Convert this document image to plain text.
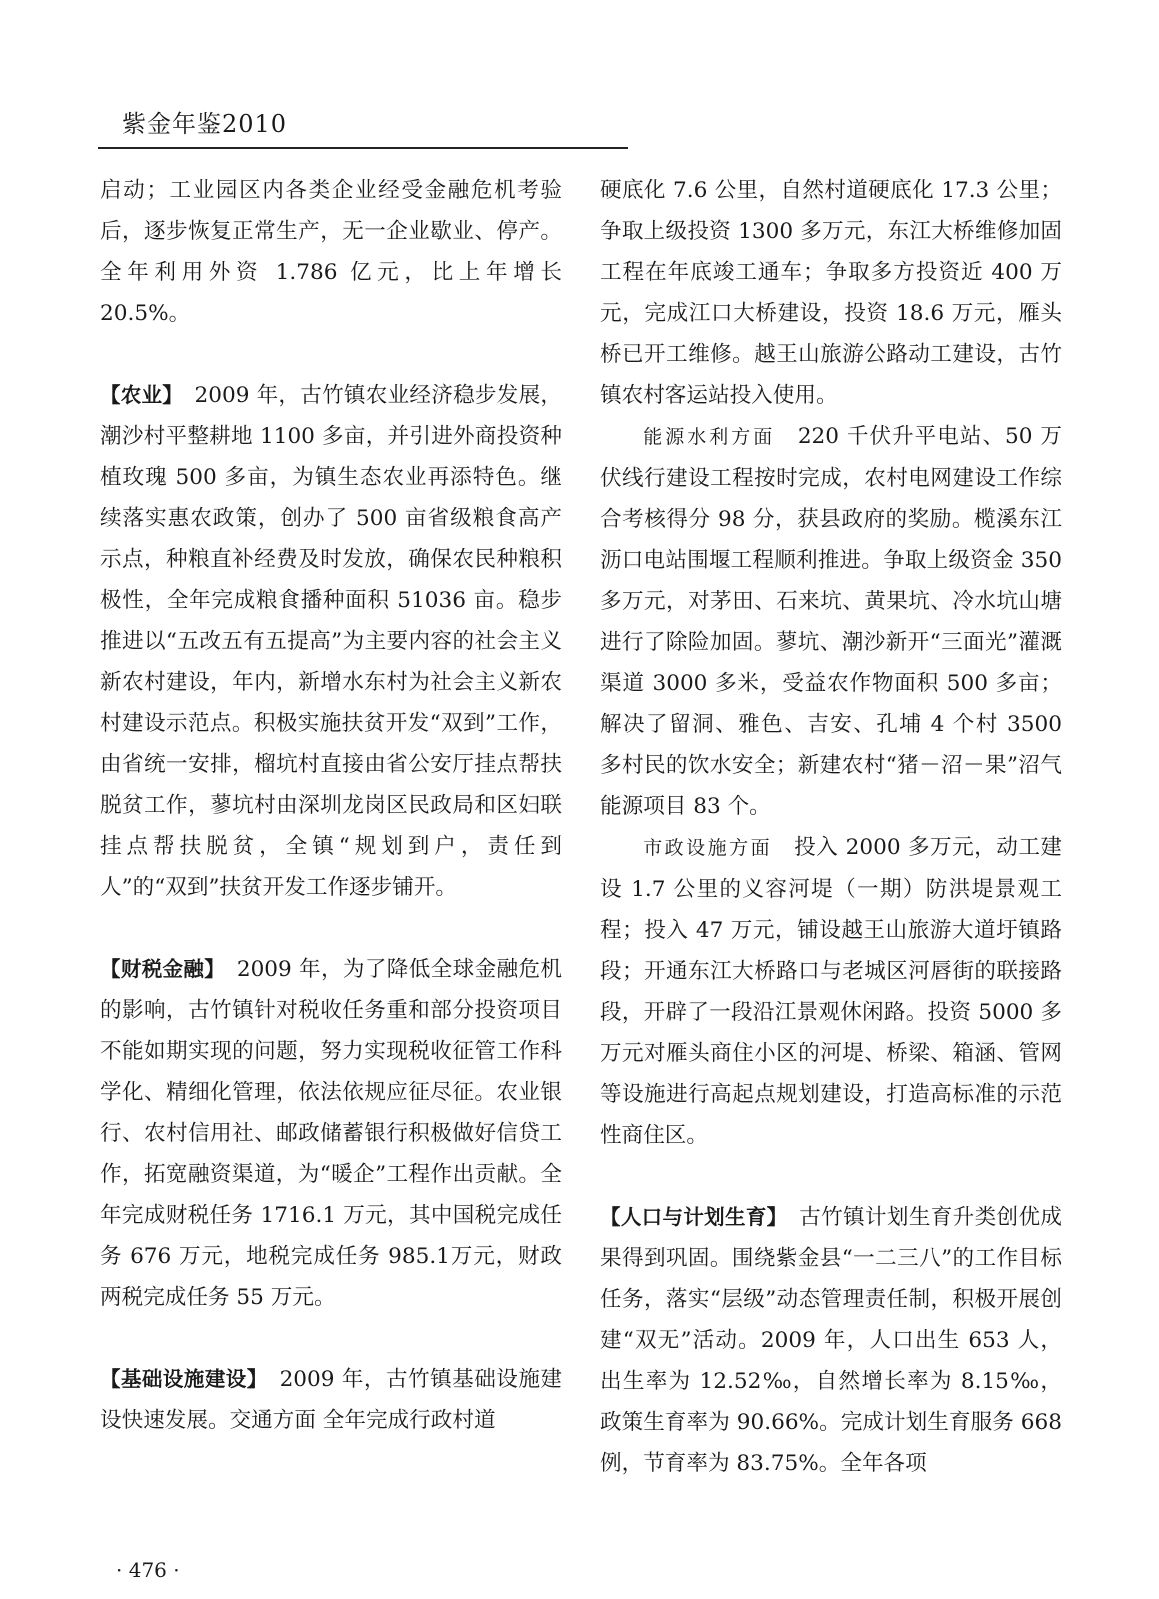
紫金年鉴2010

启动；工业园区内各类企业经受金融危机考验后，逐步恢复正常生产，无一企业歇业、停产。全年利用外资 1.786 亿元，比上年增长 20.5%。

【农业】　 2009 年，古竹镇农业经济稳步发展，潮沙村平整耕地 1100 多亩，并引进外商投资种植玫瑰 500 多亩，为镇生态农业再添特色。继续落实惠农政策，创办了 500 亩省级粮食高产示点，种粮直补经费及时发放，确保农民种粮积极性，全年完成粮食播种面积 51036 亩。稳步推进以“五改五有五提高”为主要内容的社会主义新农村建设，年内，新增水东村为社会主义新农村建设示范点。积极实施扶贫开发“双到”工作，由省统一安排，榴坑村直接由省公安厅挂点帮扶脱贫工作，蓼坑村由深圳龙岗区民政局和区妇联挂点帮扶脱贫，全镇“规划到户，责任到人”的“双到”扶贫开发工作逐步铺开。

【财税金融】　 2009 年，为了降低全球金融危机的影响，古竹镇针对税收任务重和部分投资项目不能如期实现的问题，努力实现税收征管工作科学化、精细化管理，依法依规应征尽征。农业银行、农村信用社、邮政储蓄银行积极做好信贷工作，拓宽融资渠道，为“暖企”工程作出贡献。全年完成财税任务 1716.1 万元，其中国税完成任务 676 万元，地税完成任务 985.1万元，财政两税完成任务 55 万元。

【基础设施建设】　 2009 年，古竹镇基础设施建设快速发展。交通方面 全年完成行政村道

硬底化 7.6 公里，自然村道硬底化 17.3 公里；争取上级投资 1300 多万元，东江大桥维修加固工程在年底竣工通车；争取多方投资近 400 万元，完成江口大桥建设，投资 18.6 万元，雁头桥已开工维修。越王山旅游公路动工建设，古竹镇农村客运站投入使用。

能源水利方面　 220 千伏升平电站、50 万伏线行建设工程按时完成，农村电网建设工作综合考核得分 98 分，获县政府的奖励。榄溪东江沥口电站围堰工程顺利推进。争取上级资金 350 多万元，对茅田、石来坑、黄果坑、冷水坑山塘进行了除险加固。蓼坑、潮沙新开“三面光”灌溉渠道 3000 多米，受益农作物面积 500 多亩；解决了留洞、雅色、吉安、孔埔 4 个村 3500 多村民的饮水安全；新建农村“猪－沼－果”沼气能源项目 83 个。

市政设施方面　 投入 2000 多万元，动工建设 1.7 公里的义容河堤（一期）防洪堤景观工程；投入 47 万元，铺设越王山旅游大道圩镇路段；开通东江大桥路口与老城区河唇街的联接路段，开辟了一段沿江景观休闲路。投资 5000 多万元对雁头商住小区的河堤、桥梁、箱涵、管网等设施进行高起点规划建设，打造高标准的示范性商住区。

【人口与计划生育】　 古竹镇计划生育升类创优成果得到巩固。围绕紫金县“一二三八”的工作目标任务，落实“层级”动态管理责任制，积极开展创建“双无”活动。2009 年，人口出生 653 人，出生率为 12.52‰，自然增长率为 8.15‰，政策生育率为 90.66%。完成计划生育服务 668 例，节育率为 83.75%。全年各项

· 476 ·
